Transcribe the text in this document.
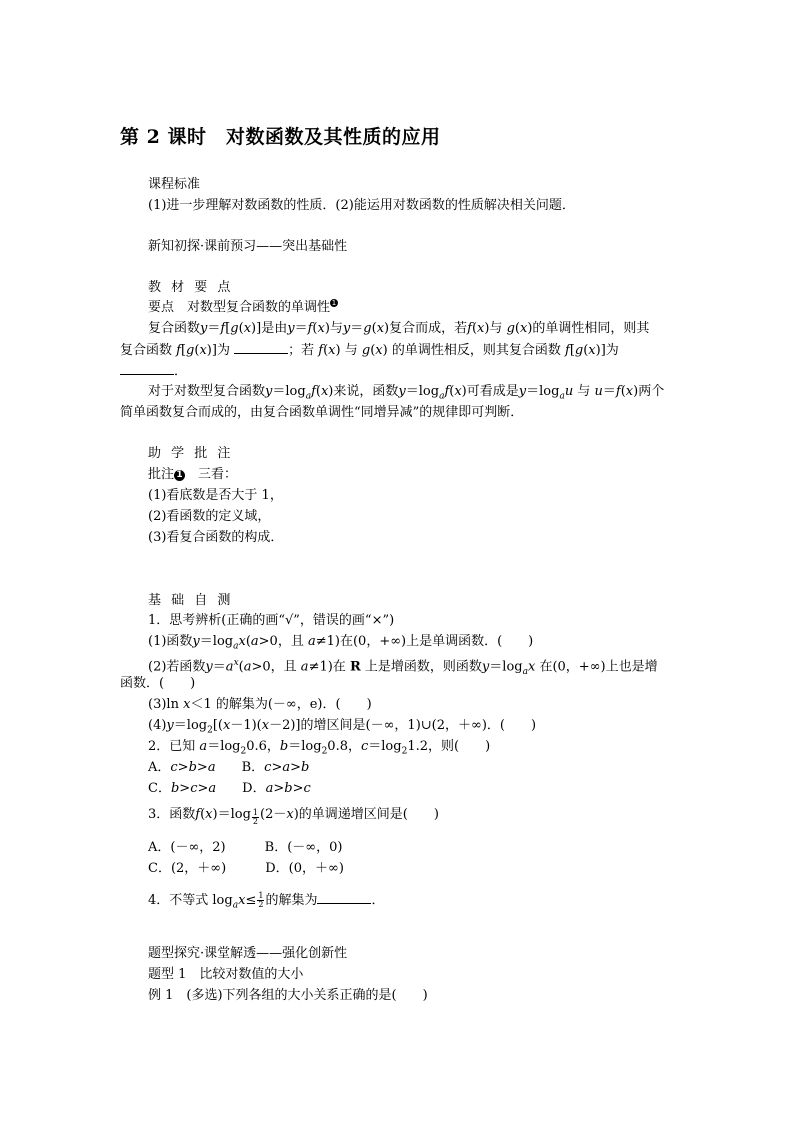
第 2 课时　对数函数及其性质的应用
课程标准
(1)进一步理解对数函数的性质．(2)能运用对数函数的性质解决相关问题．
新知初探·课前预习——突出基础性
教 材 要 点
要点　对数型复合函数的单调性 1
复合函数y＝f[g(x)]是由y＝f(x)与y＝g(x)复合而成，若f(x)与 g(x)的单调性相同，则其
复合函数 f[g(x)]为	；若 f(x) 与 g(x) 的单调性相反，则其复合函数 f[g(x)]为
．
对于对数型复合函数$y=\log_af(x)$来说，函数$y=\log_af(x)$可看成是$y=\log_au$ 与 u＝f(x)两个
简单函数复合而成的，由复合函数单调性“同增异减”的规律即可判断．
助 学 批 注
批注 1　 三看：
(1)看底数是否大于 1，
(2)看函数的定义域，
(3)看复合函数的构成．
基 础 自 测
1．思考辨析(正确的画“√”，错误的画“×”)
(1)函数$y=\log_ax(a>0$，且 a≠1)在(0，+∞)上是单调函数．(　　)
(2)若函数$y=a^x(a>0$，且 a≠1)在 R 上是增函数，则函数$y=\log_ax$ 在(0，+∞)上也是增
函数．(　　)
(3)ln x＜1 的解集为(－∞，e)．(　　)
$(4)y=\log_2[(x-1)(x-2)]$的增区间是(－∞，1)∪(2，＋∞)．(　　)
2．已知 $a=\log_20.6$，$b=\log_20.8$，$c=\log_21.2$，则(　　)
A．c>b>a　　 B．c>a>b
C．b>c>a　　 D．a>b>c
3．函数$f(x)=\log \frac{1}{2} (2-x)$的单调递增区间是(　　)
A．(－∞，2)　　　	B．(－∞，0)
C．(2，＋∞)　　　	D．(0，＋∞)
4．不等式 $\log_ax\le \frac{1}{2}$ 的解集为	．
题型探究·课堂解透——强化创新性
题型 1　比较对数值的大小
例 1　(多选)下列各组的大小关系正确的是(　　)
